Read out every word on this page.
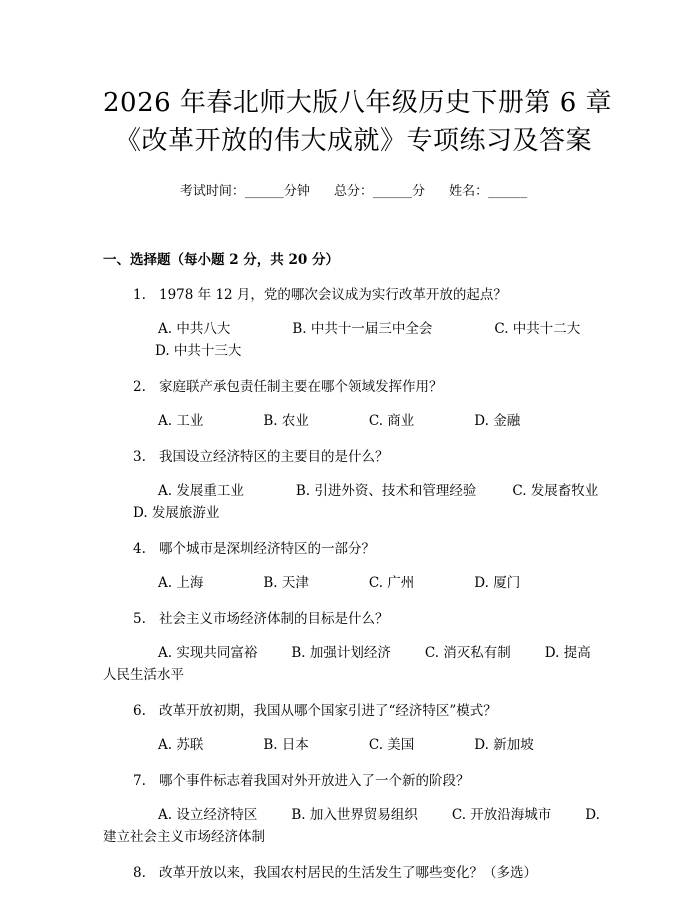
2026 年春北师大版八年级历史下册第 6 章
《改革开放的伟大成就》专项练习及答案
考试时间：______分钟 总分：______分 姓名：______
一、选择题（每小题 2 分，共 20 分）
1. 1978 年 12 月，党的哪次会议成为实行改革开放的起点？
A. 中共八大	B. 中共十一届三中全会	C. 中共十二大D. 中共十三大
2. 家庭联产承包责任制主要在哪个领域发挥作用？
A. 工业	B. 农业	C. 商业	D. 金融
3. 我国设立经济特区的主要目的是什么？
A. 发展重工业	B. 引进外资、技术和管理经验	C. 发展畜牧业D. 发展旅游业
4. 哪个城市是深圳经济特区的一部分？
A. 上海	B. 天津	C. 广州	D. 厦门
5. 社会主义市场经济体制的目标是什么？
A. 实现共同富裕	B. 加强计划经济	C. 消灭私有制	D. 提高人民生活水平
6. 改革开放初期，我国从哪个国家引进了“经济特区”模式？
A. 苏联	B. 日本	C. 美国	D. 新加坡
7. 哪个事件标志着我国对外开放进入了一个新的阶段？
A. 设立经济特区	B. 加入世界贸易组织	C. 开放沿海城市	D. 建立社会主义市场经济体制
8. 改革开放以来，我国农村居民的生活发生了哪些变化？（多选）
